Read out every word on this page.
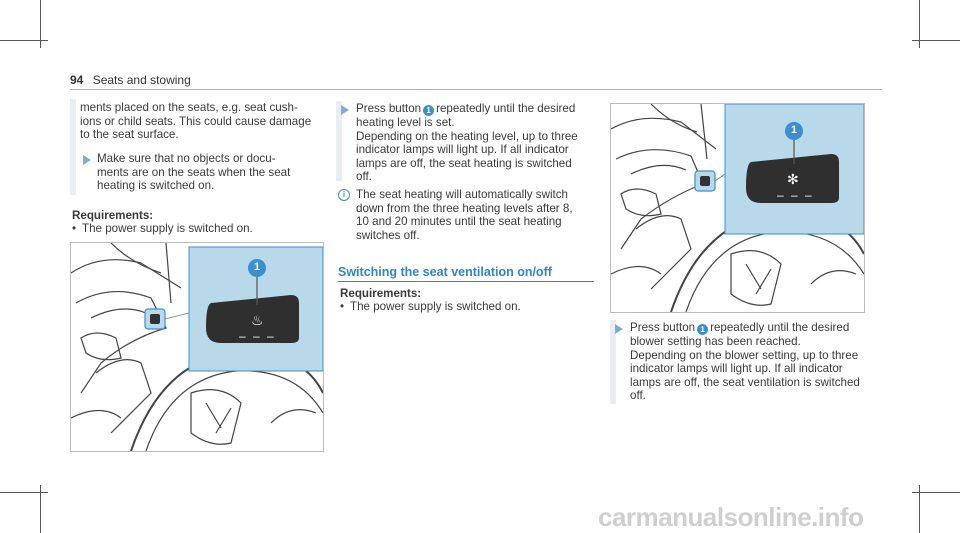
94 Seats and stowing
ments placed on the seats, e.g. seat cush-
ions or child seats. This could cause damage
to the seat surface.
Make sure that no objects or docu-
ments are on the seats when the seat
heating is switched on.
Requirements:
• The power supply is switched on.
1
♨
– – –
Press button 1 repeatedly until the desired
heating level is set.
Depending on the heating level, up to three
indicator lamps will light up. If all indicator
lamps are off, the seat heating is switched
off.
i The seat heating will automatically switch
down from the three heating levels after 8,
10 and 20 minutes until the seat heating
switches off.
Switching the seat ventilation on/off
Requirements:
• The power supply is switched on.
1
✻
– – –
Press button 1 repeatedly until the desired
blower setting has been reached.
Depending on the blower setting, up to three
indicator lamps will light up. If all indicator
lamps are off, the seat ventilation is switched
off.
carmanualsonline.info
